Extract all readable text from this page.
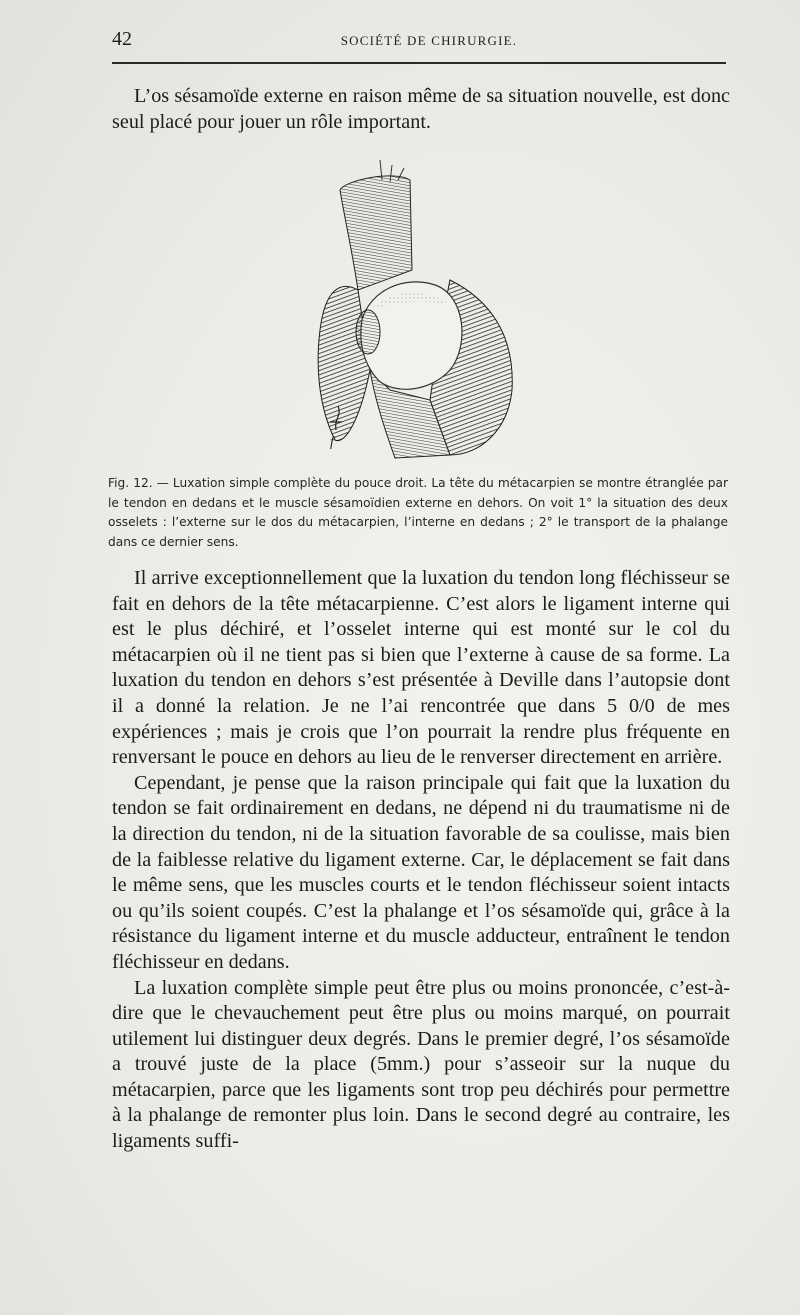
42	SOCIÉTÉ DE CHIRURGIE.

L’os sésamoïde externe en raison même de sa situation nouvelle, est donc seul placé pour jouer un rôle important.

f

Fig. 12. — Luxation simple complète du pouce droit. La tête du métacarpien se montre étranglée par le tendon en dedans et le muscle sésamoïdien externe en dehors. On voit 1° la situation des deux osselets : l’externe sur le dos du métacarpien, l’interne en dedans ; 2° le transport de la phalange dans ce dernier sens.

Il arrive exceptionnellement que la luxation du tendon long fléchisseur se fait en dehors de la tête métacarpienne. C’est alors le ligament interne qui est le plus déchiré, et l’osselet interne qui est monté sur le col du métacarpien où il ne tient pas si bien que l’externe à cause de sa forme. La luxation du tendon en dehors s’est présentée à Deville dans l’autopsie dont il a donné la relation. Je ne l’ai rencontrée que dans 5 0/0 de mes expériences ; mais je crois que l’on pourrait la rendre plus fréquente en renversant le pouce en dehors au lieu de le renverser directement en arrière.

Cependant, je pense que la raison principale qui fait que la luxation du tendon se fait ordinairement en dedans, ne dépend ni du traumatisme ni de la direction du tendon, ni de la situation favorable de sa coulisse, mais bien de la faiblesse relative du ligament externe. Car, le déplacement se fait dans le même sens, que les muscles courts et le tendon fléchisseur soient intacts ou qu’ils soient coupés. C’est la phalange et l’os sésamoïde qui, grâce à la résistance du ligament interne et du muscle adducteur, entraînent le tendon fléchisseur en dedans.

La luxation complète simple peut être plus ou moins prononcée, c’est-à-dire que le chevauchement peut être plus ou moins marqué, on pourrait utilement lui distinguer deux degrés. Dans le premier degré, l’os sésamoïde a trouvé juste de la place (5mm.) pour s’asseoir sur la nuque du métacarpien, parce que les ligaments sont trop peu déchirés pour permettre à la phalange de remonter plus loin. Dans le second degré au contraire, les ligaments suffi-
